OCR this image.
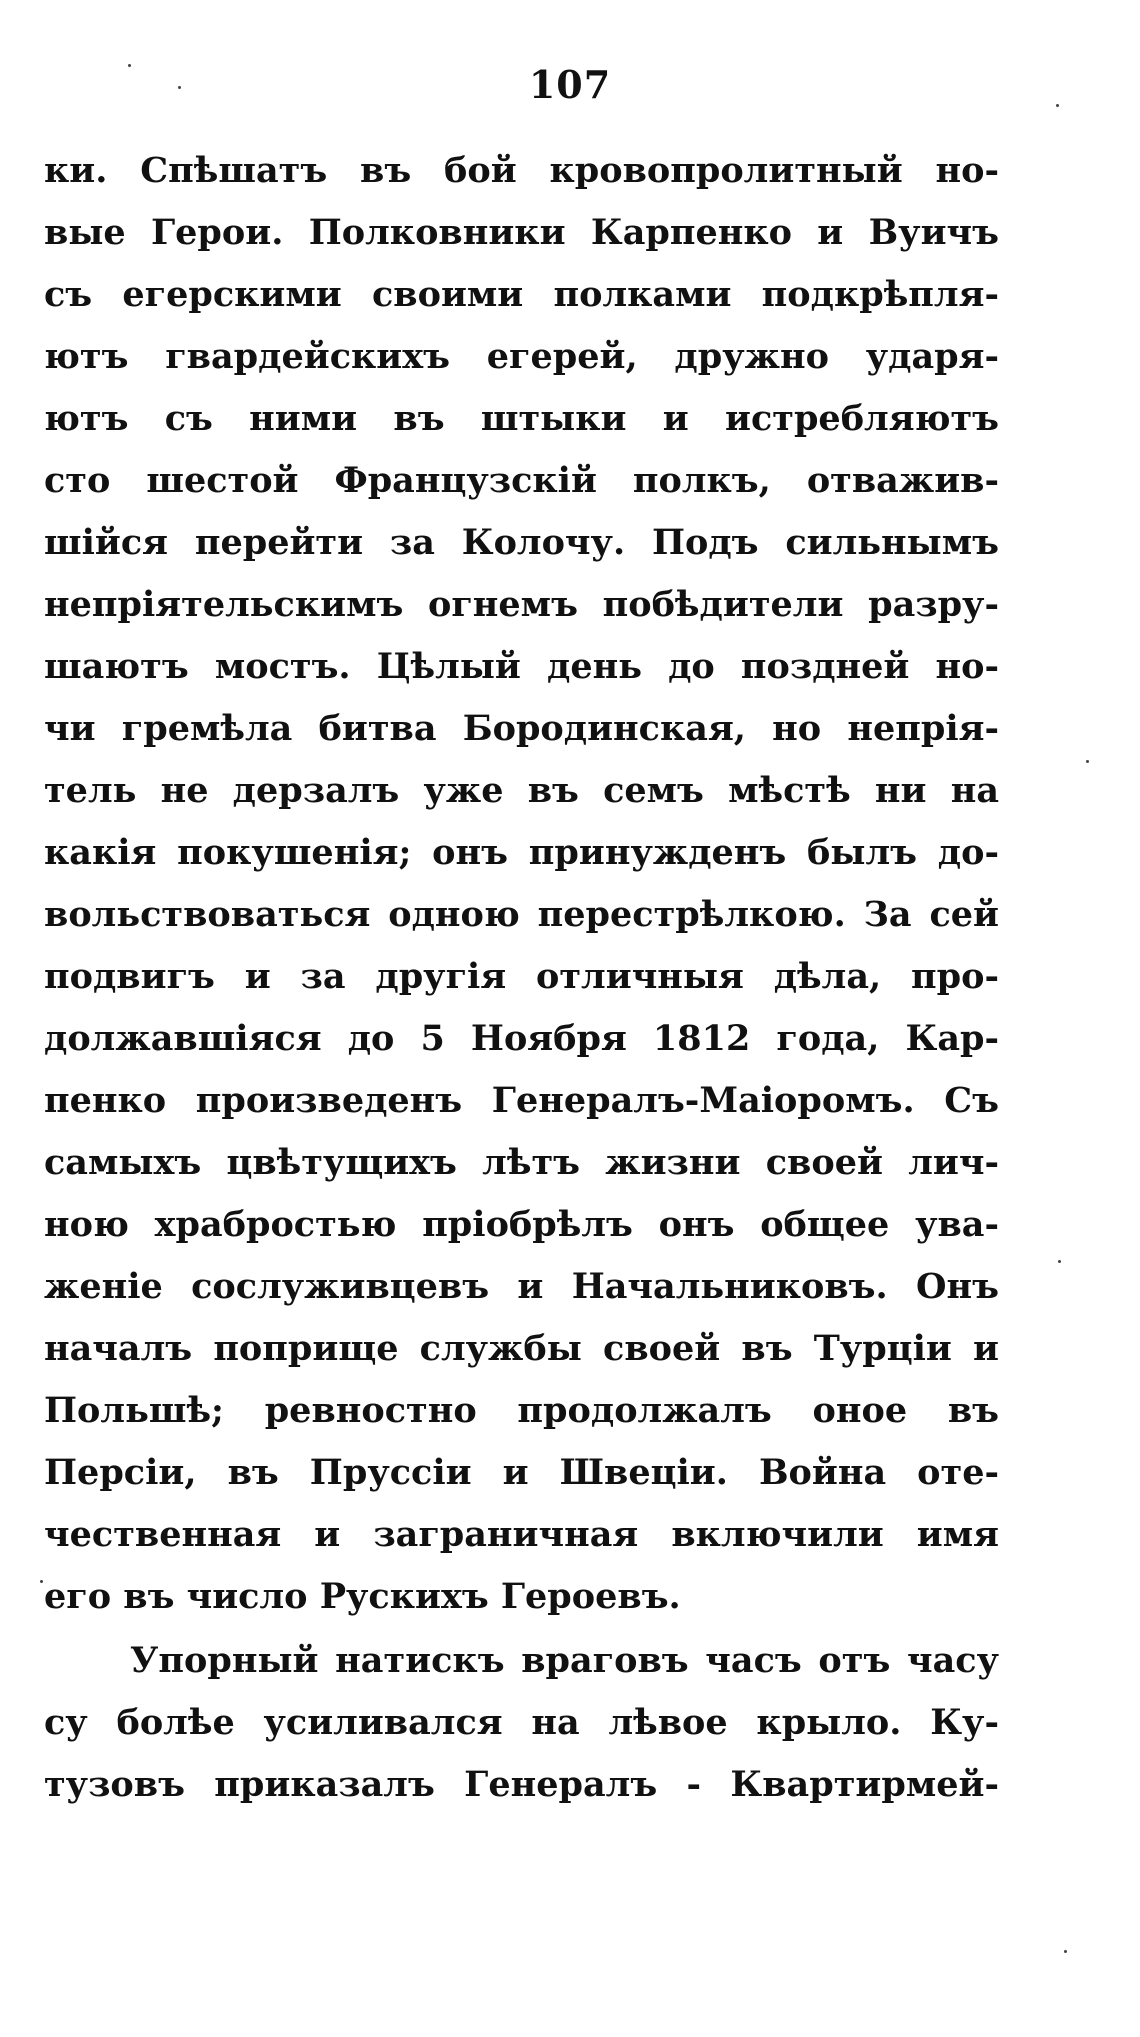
107
ки. Спѣшатъ въ бой кровопролитный но-
вые Герои. Полковники Карпенко и Вуичъ
съ егерскими своими полками подкрѣпля-
ютъ гвардейскихъ егерей, дружно ударя-
ютъ съ ними въ штыки и истребляютъ
сто шестой Французскій полкъ, отважив-
шійся перейти за Колочу. Подъ сильнымъ
непріятельскимъ огнемъ побѣдители разру-
шаютъ мостъ. Цѣлый день до поздней но-
чи гремѣла битва Бородинская, но непрія-
тель не дерзалъ уже въ семъ мѣстѣ ни на
какія покушенія; онъ принужденъ былъ до-
вольствоваться одною перестрѣлкою. За сей
подвигъ и за другія отличныя дѣла, про-
должавшіяся до 5 Ноября 1812 года, Кар-
пенко произведенъ Генералъ-Маіоромъ. Съ
самыхъ цвѣтущихъ лѣтъ жизни своей лич-
ною храбростью пріобрѣлъ онъ общее ува-
женіе сослуживцевъ и Начальниковъ. Онъ
началъ поприще службы своей въ Турціи и
Польшѣ; ревностно продолжалъ оное въ
Персіи, въ Пруссіи и Швеціи. Война оте-
чественная и заграничная включили имя
его въ число Рускихъ Героевъ.
Упорный натискъ враговъ часъ отъ часу
су болѣе усиливался на лѣвое крыло. Ку-
тузовъ приказалъ Генералъ - Квартирмей-
